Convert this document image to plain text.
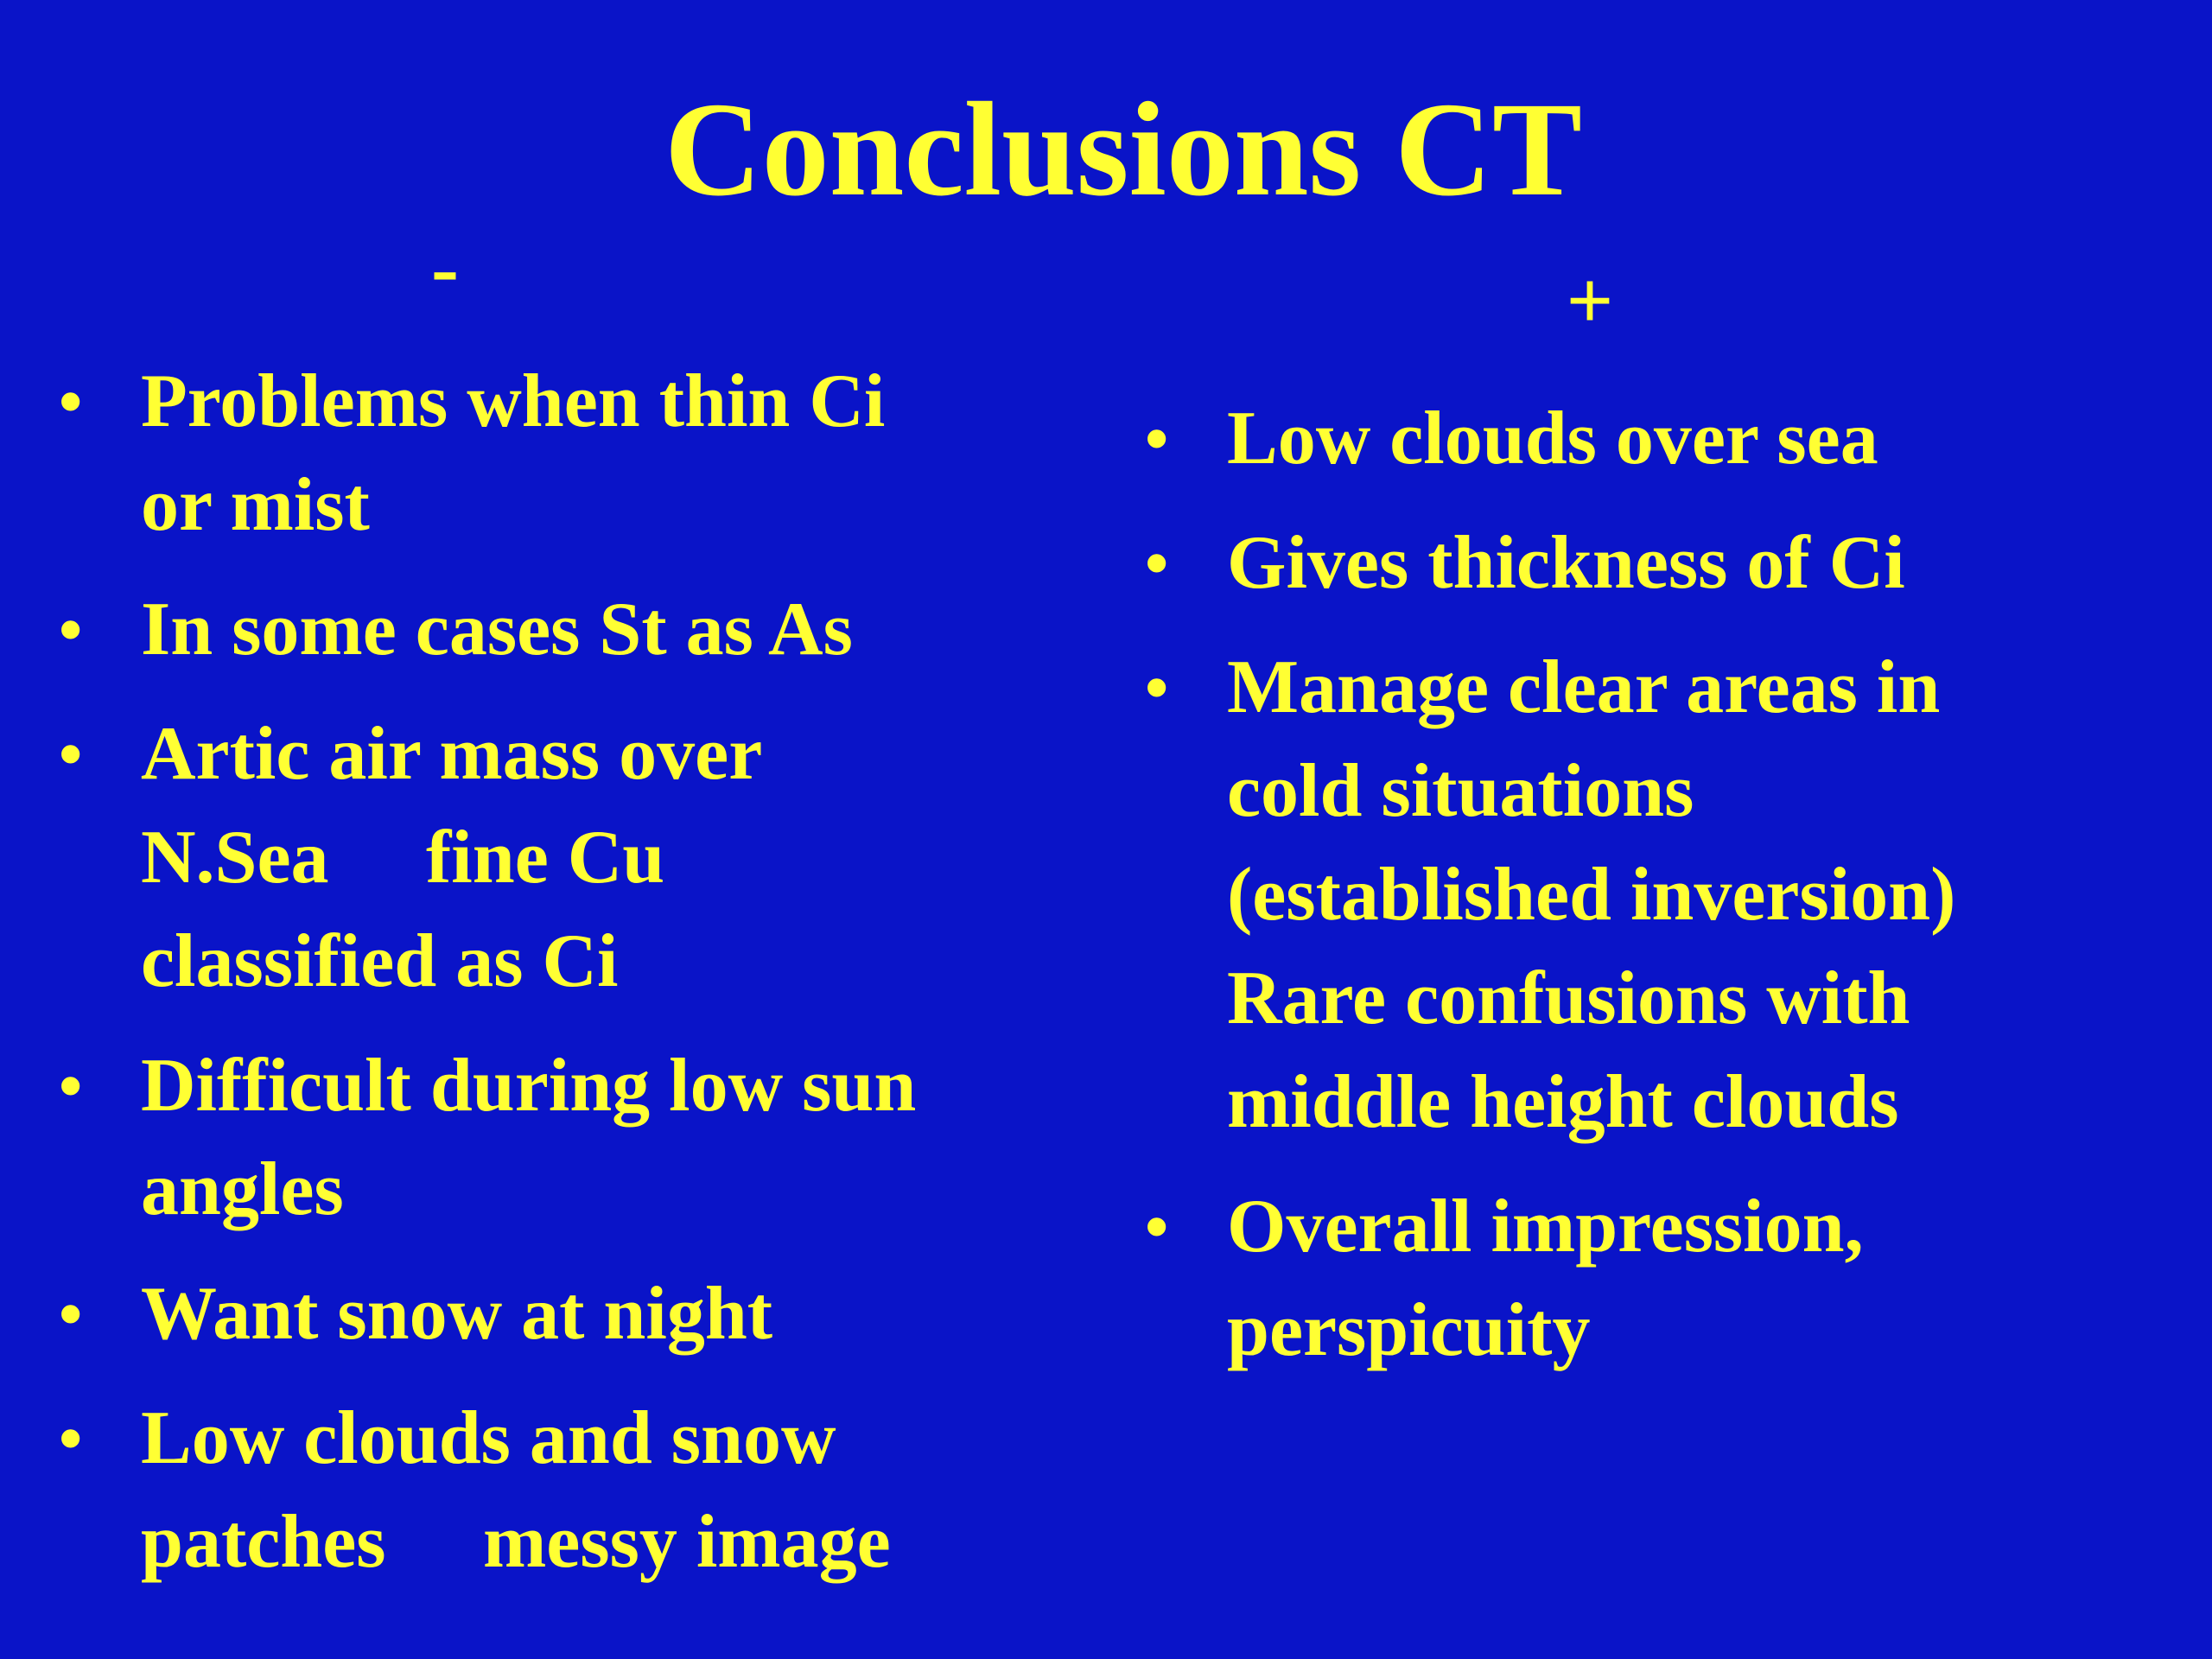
Conclusions CT
-	+
• Problems when thin Ci
or mist
• In some cases St as As
• Artic air mass over
N.Sea   fine Cu
classified as Ci
• Difficult during low sun
angles
• Want snow at night
• Low clouds and snow
patches   messy image
• Low clouds over sea
• Gives thickness of Ci
• Manage clear areas in
cold situations
(established inversion)
Rare confusions with
middle height clouds
• Overall impression,
perspicuity
